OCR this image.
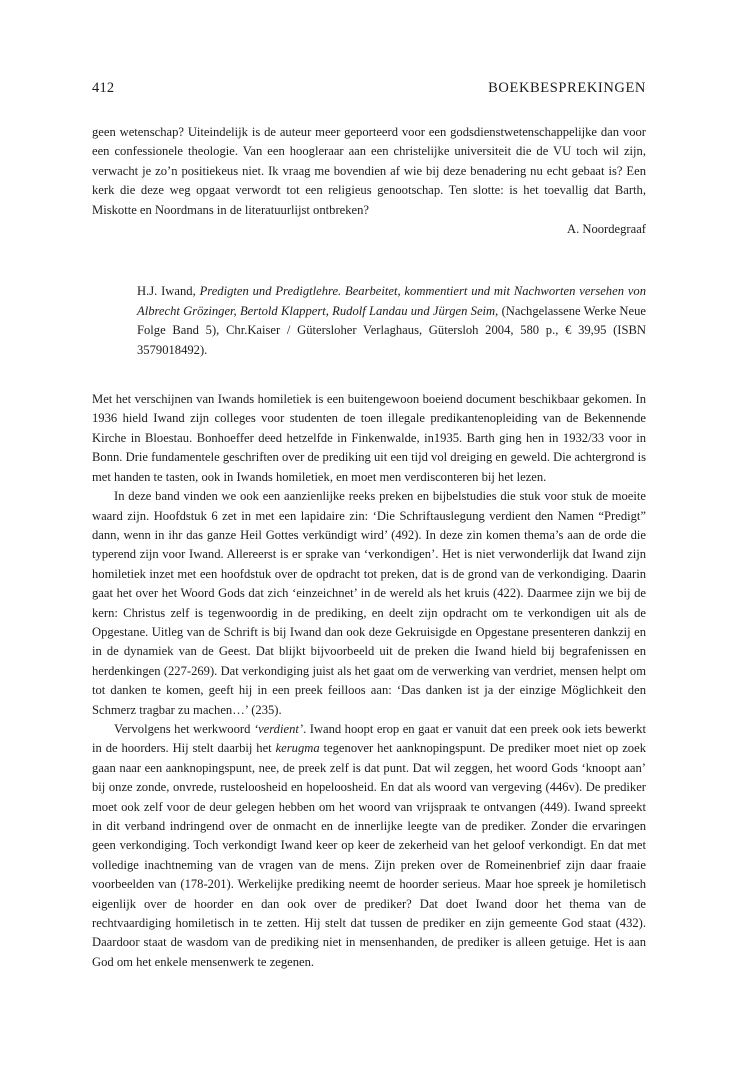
412	BOEKBESPREKINGEN

geen wetenschap? Uiteindelijk is de auteur meer geporteerd voor een godsdienstwetenschappelijke dan voor een confessionele theologie. Van een hoogleraar aan een christelijke universiteit die de VU toch wil zijn, verwacht je zo’n positiekeus niet. Ik vraag me bovendien af wie bij deze benadering nu echt gebaat is? Een kerk die deze weg opgaat verwordt tot een religieus genootschap. Ten slotte: is het toevallig dat Barth, Miskotte en Noordmans in de literatuurlijst ontbreken?

A. Noordegraaf

H.J. Iwand, Predigten und Predigtlehre. Bearbeitet, kommentiert und mit Nachworten versehen von Albrecht Grözinger, Bertold Klappert, Rudolf Landau und Jürgen Seim, (Nachgelassene Werke Neue Folge Band 5), Chr.Kaiser / Gütersloher Verlaghaus, Gütersloh 2004, 580 p., € 39,95 (ISBN 3579018492).

Met het verschijnen van Iwands homiletiek is een buitengewoon boeiend document beschikbaar gekomen. In 1936 hield Iwand zijn colleges voor studenten de toen illegale predikantenopleiding van de Bekennende Kirche in Bloestau. Bonhoeffer deed hetzelfde in Finkenwalde, in1935. Barth ging hen in 1932/33 voor in Bonn. Drie fundamentele geschriften over de prediking uit een tijd vol dreiging en geweld. Die achtergrond is met handen te tasten, ook in Iwands homiletiek, en moet men verdisconteren bij het lezen.

In deze band vinden we ook een aanzienlijke reeks preken en bijbelstudies die stuk voor stuk de moeite waard zijn. Hoofdstuk 6 zet in met een lapidaire zin: ‘Die Schriftauslegung verdient den Namen “Predigt” dann, wenn in ihr das ganze Heil Gottes verkündigt wird’ (492). In deze zin komen thema’s aan de orde die typerend zijn voor Iwand. Allereerst is er sprake van ‘verkondigen’. Het is niet verwonderlijk dat Iwand zijn homiletiek inzet met een hoofdstuk over de opdracht tot preken, dat is de grond van de verkondiging. Daarin gaat het over het Woord Gods dat zich ‘einzeichnet’ in de wereld als het kruis (422). Daarmee zijn we bij de kern: Christus zelf is tegenwoordig in de prediking, en deelt zijn opdracht om te verkondigen uit als de Opgestane. Uitleg van de Schrift is bij Iwand dan ook deze Gekruisigde en Opgestane presenteren dankzij en in de dynamiek van de Geest. Dat blijkt bijvoorbeeld uit de preken die Iwand hield bij begrafenissen en herdenkingen (227-269). Dat verkondiging juist als het gaat om de verwerking van verdriet, mensen helpt om tot danken te komen, geeft hij in een preek feilloos aan: ‘Das danken ist ja der einzige Möglichkeit den Schmerz tragbar zu machen…’ (235).

Vervolgens het werkwoord ‘verdient’. Iwand hoopt erop en gaat er vanuit dat een preek ook iets bewerkt in de hoorders. Hij stelt daarbij het kerugma tegenover het aanknopingspunt. De prediker moet niet op zoek gaan naar een aanknopingspunt, nee, de preek zelf is dat punt. Dat wil zeggen, het woord Gods ‘knoopt aan’ bij onze zonde, onvrede, rusteloosheid en hopeloosheid. En dat als woord van vergeving (446v). De prediker moet ook zelf voor de deur gelegen hebben om het woord van vrijspraak te ontvangen (449). Iwand spreekt in dit verband indringend over de onmacht en de innerlijke leegte van de prediker. Zonder die ervaringen geen verkondiging. Toch verkondigt Iwand keer op keer de zekerheid van het geloof verkondigt. En dat met volledige inachtneming van de vragen van de mens. Zijn preken over de Romeinenbrief zijn daar fraaie voorbeelden van (178-201). Werkelijke prediking neemt de hoorder serieus. Maar hoe spreek je homiletisch eigenlijk over de hoorder en dan ook over de prediker? Dat doet Iwand door het thema van de rechtvaardiging homiletisch in te zetten. Hij stelt dat tussen de prediker en zijn gemeente God staat (432). Daardoor staat de wasdom van de prediking niet in mensenhanden, de prediker is alleen getuige. Het is aan God om het enkele mensenwerk te zegenen.
